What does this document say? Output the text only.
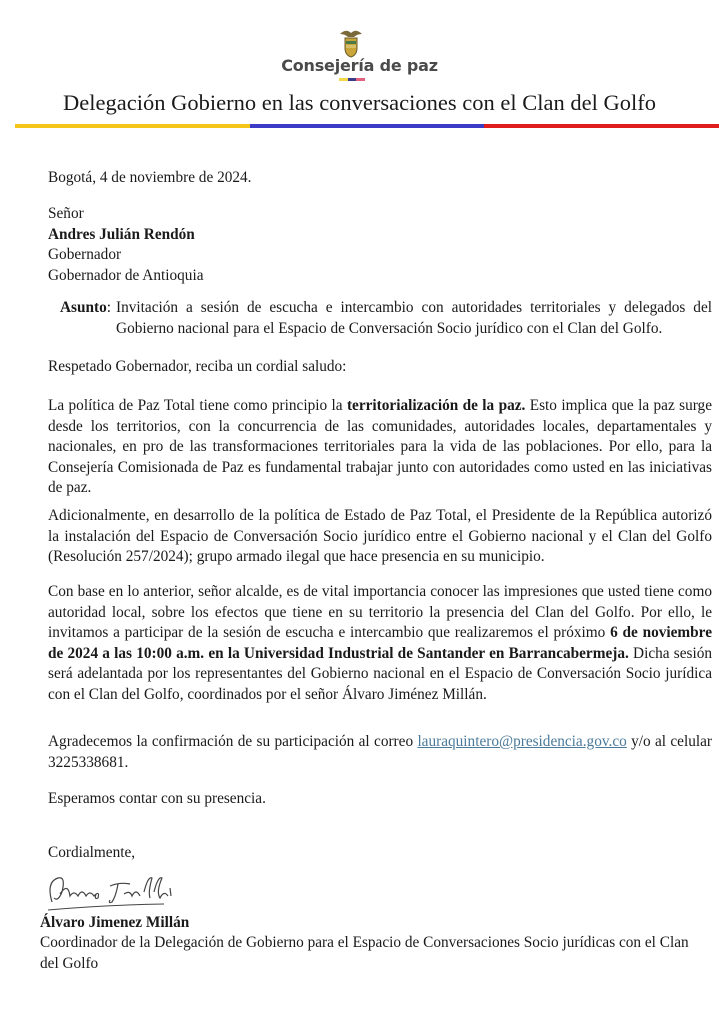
Consejería de paz
Delegación Gobierno en las conversaciones con el Clan del Golfo
Bogotá, 4 de noviembre de 2024.
Señor
Andres Julián Rendón
Gobernador
Gobernador de Antioquia
Asunto : Invitación a sesión de escucha e intercambio con autoridades territoriales y delegados del Gobierno nacional para el Espacio de Conversación Socio jurídico con el Clan del Golfo.
Respetado Gobernador, reciba un cordial saludo:
La política de Paz Total tiene como principio la territorialización de la paz. Esto implica que la paz surge desde los territorios, con la concurrencia de las comunidades, autoridades locales, departamentales y nacionales, en pro de las transformaciones territoriales para la vida de las poblaciones. Por ello, para la Consejería Comisionada de Paz es fundamental trabajar junto con autoridades como usted en las iniciativas de paz.
Adicionalmente, en desarrollo de la política de Estado de Paz Total, el Presidente de la República autorizó la instalación del Espacio de Conversación Socio jurídico entre el Gobierno nacional y el Clan del Golfo (Resolución 257/2024); grupo armado ilegal que hace presencia en su municipio.
Con base en lo anterior, señor alcalde, es de vital importancia conocer las impresiones que usted tiene como autoridad local, sobre los efectos que tiene en su territorio la presencia del Clan del Golfo. Por ello, le invitamos a participar de la sesión de escucha e intercambio que realizaremos el próximo 6 de noviembre de 2024 a las 10:00 a.m. en la Universidad Industrial de Santander en Barrancabermeja. Dicha sesión será adelantada por los representantes del Gobierno nacional en el Espacio de Conversación Socio jurídica con el Clan del Golfo, coordinados por el señor Álvaro Jiménez Millán.
Agradecemos la confirmación de su participación al correo lauraquintero@presidencia.gov.co y/o al celular 3225338681.
Esperamos contar con su presencia.
Cordialmente,
Álvaro Jimenez Millán
Coordinador de la Delegación de Gobierno para el Espacio de Conversaciones Socio jurídicas con el Clan del Golfo
